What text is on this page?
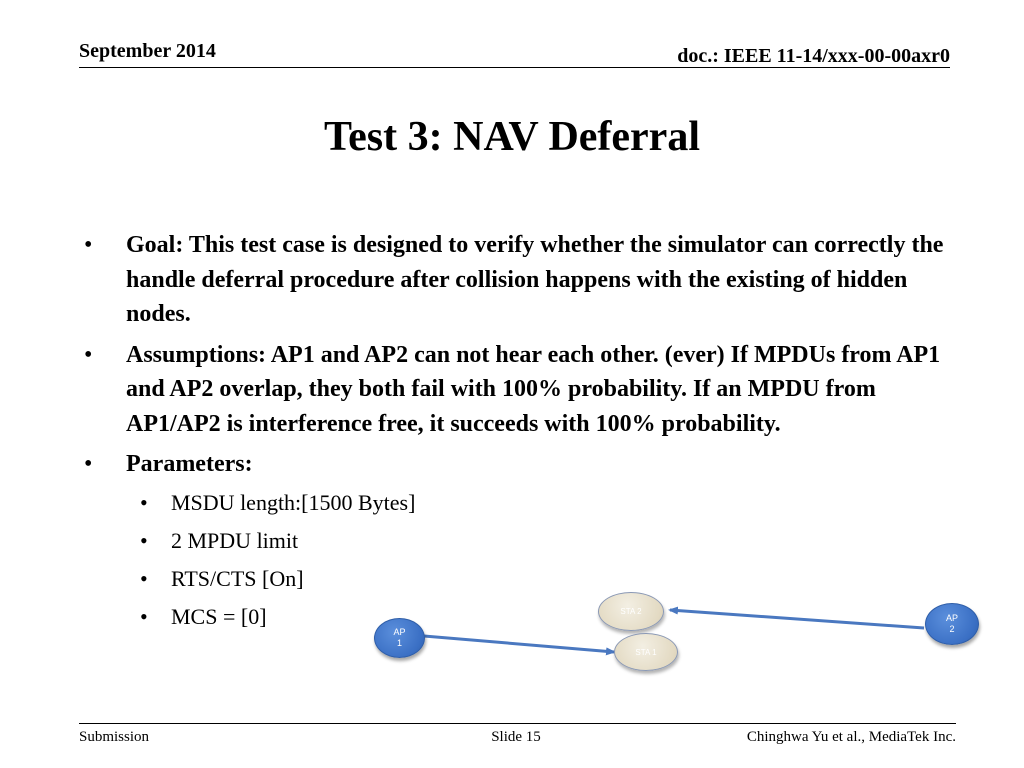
September 2014	doc.: IEEE 11-14/xxx-00-00axr0
Test 3: NAV Deferral
• Goal: This test case is designed to verify whether the simulator can correctly the handle deferral procedure after collision happens with the existing of hidden nodes.
• Assumptions: AP1 and AP2 can not hear each other. (ever) If MPDUs from AP1 and AP2 overlap, they both fail with 100% probability. If an MPDU from AP1/AP2 is interference free, it succeeds with 100% probability.
• Parameters:
• MSDU length:[1500 Bytes]
• 2 MPDU limit
• RTS/CTS [On]
• MCS = [0]
AP
1
AP
2
STA 2
STA 1
Submission	Slide 15	Chinghwa Yu et al., MediaTek Inc.
